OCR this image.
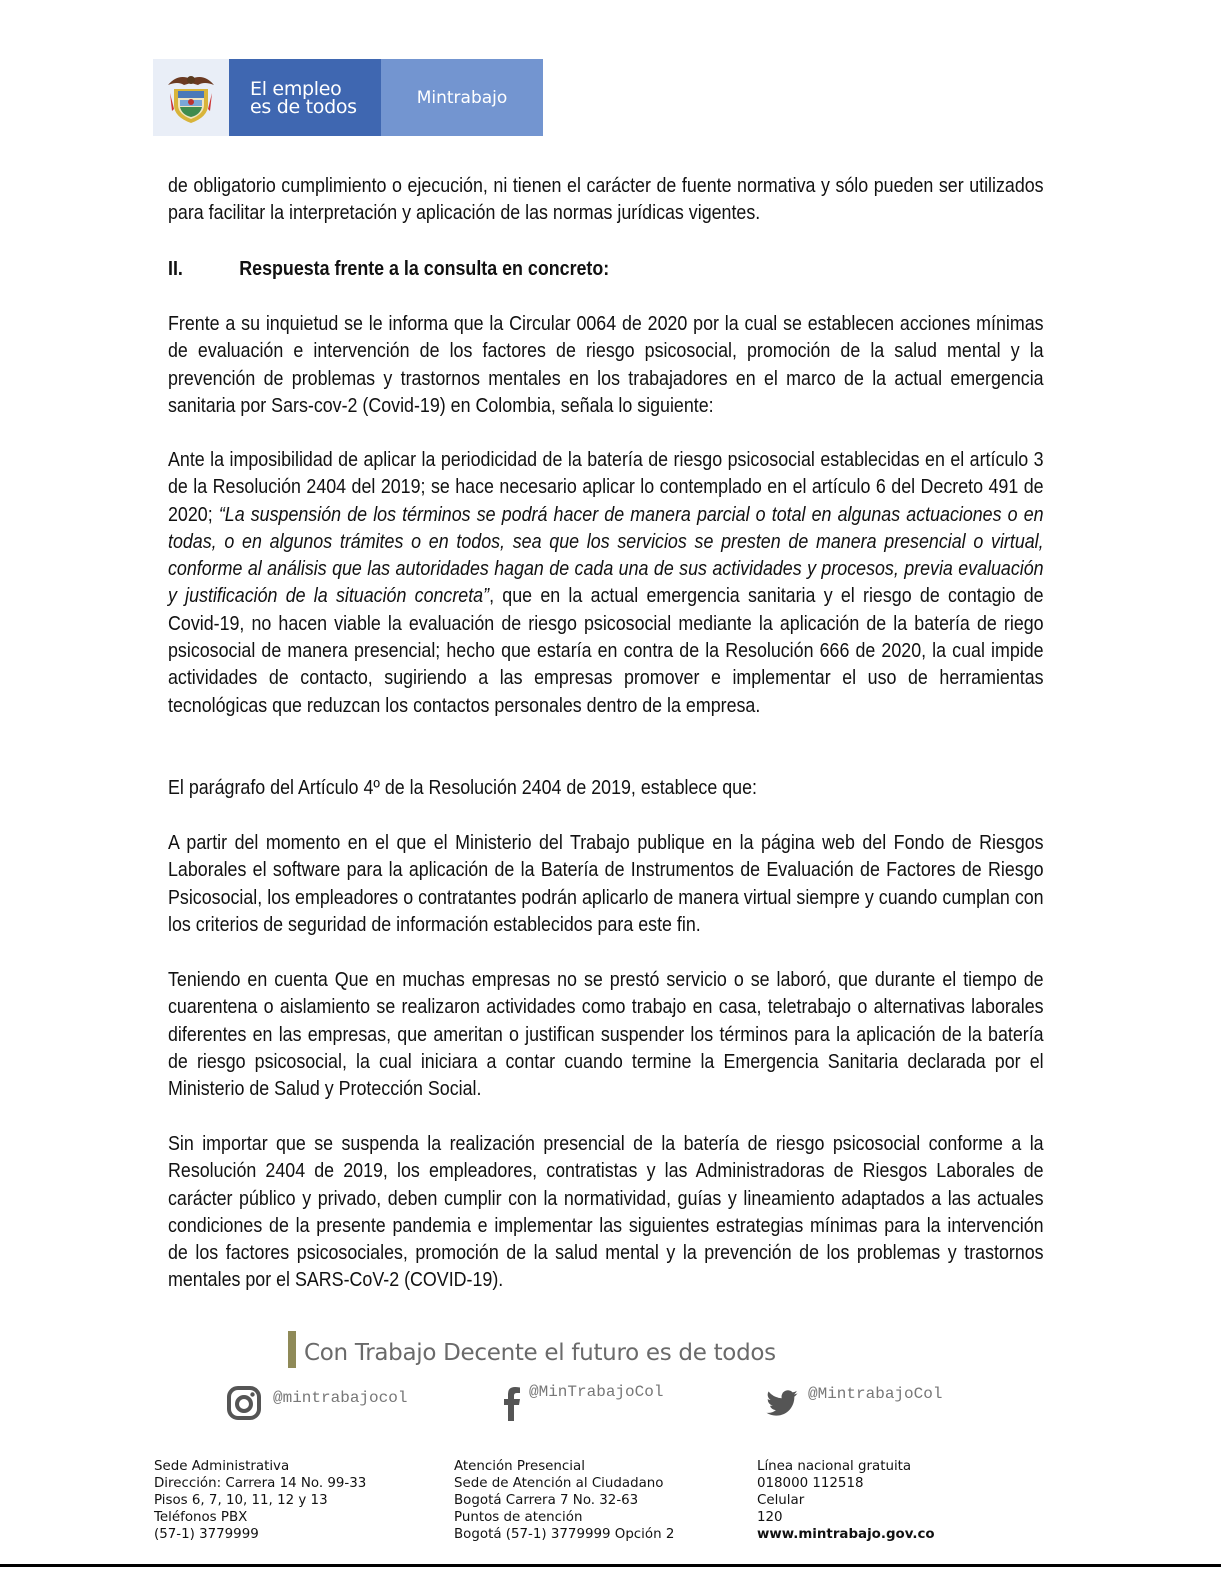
El empleo
es de todos	Mintrabajo

de obligatorio cumplimiento o ejecución, ni tienen el carácter de fuente normativa y sólo pueden ser utilizados para facilitar la interpretación y aplicación de las normas jurídicas vigentes.

II.	Respuesta frente a la consulta en concreto:

Frente a su inquietud se le informa que la Circular 0064 de 2020 por la cual se establecen acciones mínimas de evaluación e intervención de los factores de riesgo psicosocial, promoción de la salud mental y la prevención de problemas y trastornos mentales en los trabajadores en el marco de la actual emergencia sanitaria por Sars-cov-2 (Covid-19) en Colombia, señala lo siguiente:

Ante la imposibilidad de aplicar la periodicidad de la batería de riesgo psicosocial establecidas en el artículo 3 de la Resolución 2404 del 2019; se hace necesario aplicar lo contemplado en el artículo 6 del Decreto 491 de 2020; “La suspensión de los términos se podrá hacer de manera parcial o total en algunas actuaciones o en todas, o en algunos trámites o en todos, sea que los servicios se presten de manera presencial o virtual, conforme al análisis que las autoridades hagan de cada una de sus actividades y procesos, previa evaluación y justificación de la situación concreta”, que en la actual emergencia sanitaria y el riesgo de contagio de Covid-19, no hacen viable la evaluación de riesgo psicosocial mediante la aplicación de la batería de riego psicosocial de manera presencial; hecho que estaría en contra de la Resolución 666 de 2020, la cual impide actividades de contacto, sugiriendo a las empresas promover e implementar el uso de herramientas tecnológicas que reduzcan los contactos personales dentro de la empresa.

El parágrafo del Artículo 4º de la Resolución 2404 de 2019, establece que:

A partir del momento en el que el Ministerio del Trabajo publique en la página web del Fondo de Riesgos Laborales el software para la aplicación de la Batería de Instrumentos de Evaluación de Factores de Riesgo Psicosocial, los empleadores o contratantes podrán aplicarlo de manera virtual siempre y cuando cumplan con los criterios de seguridad de información establecidos para este fin.

Teniendo en cuenta Que en muchas empresas no se prestó servicio o se laboró, que durante el tiempo de cuarentena o aislamiento se realizaron actividades como trabajo en casa, teletrabajo o alternativas laborales diferentes en las empresas, que ameritan o justifican suspender los términos para la aplicación de la batería de riesgo psicosocial, la cual iniciara a contar cuando termine la Emergencia Sanitaria declarada por el Ministerio de Salud y Protección Social.

Sin importar que se suspenda la realización presencial de la batería de riesgo psicosocial conforme a la Resolución 2404 de 2019, los empleadores, contratistas y las Administradoras de Riesgos Laborales de carácter público y privado, deben cumplir con la normatividad, guías y lineamiento adaptados a las actuales condiciones de la presente pandemia e implementar las siguientes estrategias mínimas para la intervención de los factores psicosociales, promoción de la salud mental y la prevención de los problemas y trastornos mentales por el SARS-CoV-2 (COVID-19).

Con Trabajo Decente el futuro es de todos
@mintrabajocol	@MinTrabajoCol	@MintrabajoCol
Sede Administrativa
Dirección: Carrera 14 No. 99-33
Pisos 6, 7, 10, 11, 12 y 13
Teléfonos PBX
(57-1) 3779999
Atención Presencial
Sede de Atención al Ciudadano
Bogotá Carrera 7 No. 32-63
Puntos de atención
Bogotá (57-1) 3779999 Opción 2
Línea nacional gratuita
018000 112518
Celular
120
www.mintrabajo.gov.co
